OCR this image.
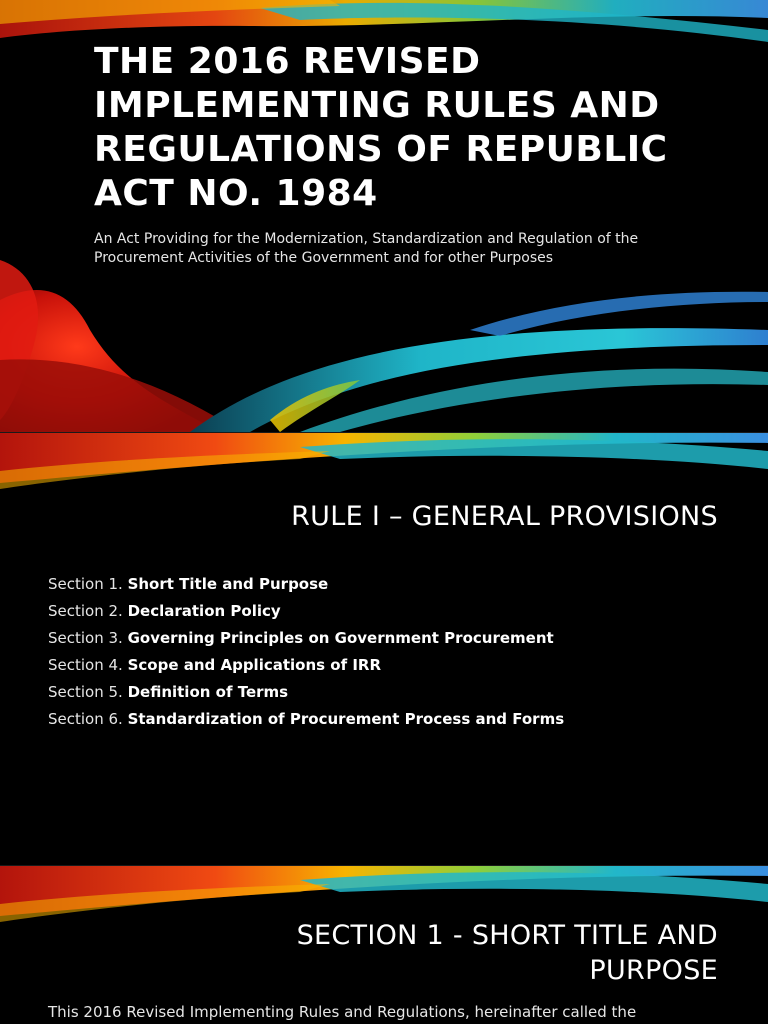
THE 2016 REVISED IMPLEMENTING RULES AND REGULATIONS OF REPUBLIC ACT NO. 1984

An Act Providing for the Modernization, Standardization and Regulation of the Procurement Activities of the Government and for other Purposes

RULE I – GENERAL PROVISIONS
Section 1. Short Title and Purpose
Section 2. Declaration Policy
Section 3. Governing Principles on Government Procurement
Section 4. Scope and Applications of IRR
Section 5. Definition of Terms
Section 6. Standardization of Procurement Process and Forms
SECTION 1 - SHORT TITLE AND PURPOSE

This 2016 Revised Implementing Rules and Regulations, hereinafter called the
